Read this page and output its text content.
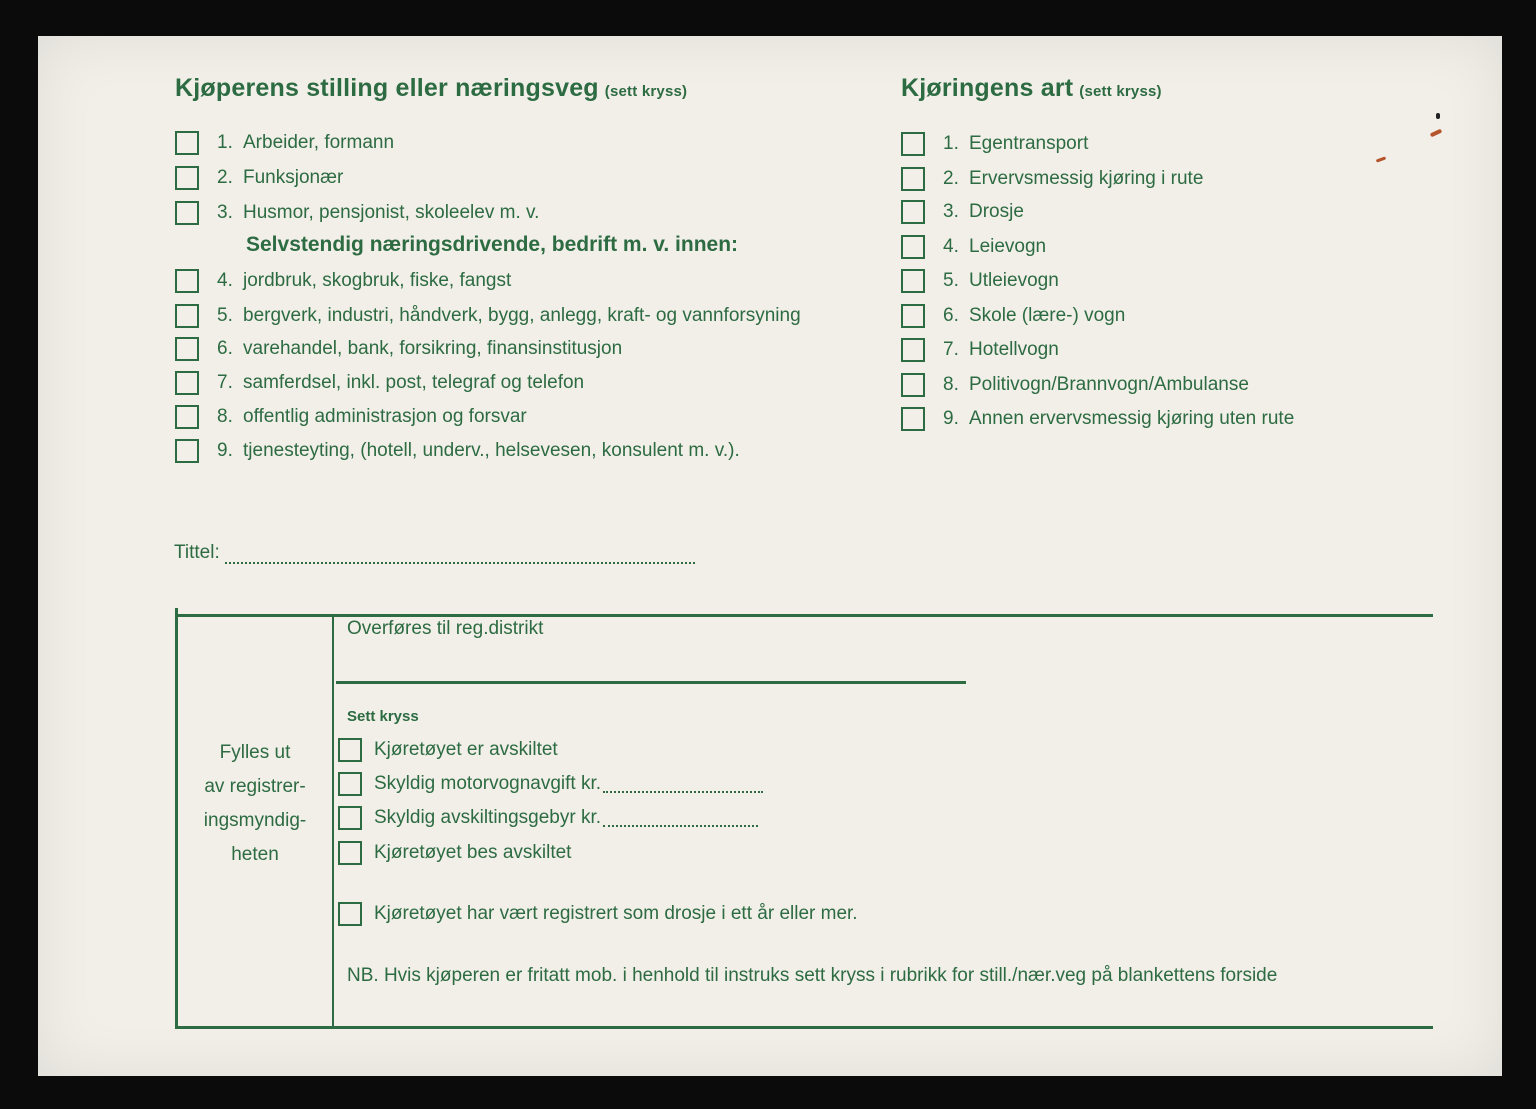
Kjøperens stilling eller næringsveg (sett kryss)
1. Arbeider, formann
2. Funksjonær
3. Husmor, pensjonist, skoleelev m. v.
Selvstendig næringsdrivende, bedrift m. v. innen:
4. jordbruk, skogbruk, fiske, fangst
5. bergverk, industri, håndverk, bygg, anlegg, kraft- og vannforsyning
6. varehandel, bank, forsikring, finansinstitusjon
7. samferdsel, inkl. post, telegraf og telefon
8. offentlig administrasjon og forsvar
9. tjenesteyting, (hotell, underv., helsevesen, konsulent m. v.).
Kjøringens art (sett kryss)
1. Egentransport
2. Ervervsmessig kjøring i rute
3. Drosje
4. Leievogn
5. Utleievogn
6. Skole (lære-) vogn
7. Hotellvogn
8. Politivogn/Brannvogn/Ambulanse
9. Annen ervervsmessig kjøring uten rute
Tittel:
Fylles ut
av registrer-
ingsmyndig-
heten
Overføres til reg.distrikt
Sett kryss
Kjøretøyet er avskiltet
Skyldig motorvognavgift kr.
Skyldig avskiltingsgebyr kr.
Kjøretøyet bes avskiltet
Kjøretøyet har vært registrert som drosje i ett år eller mer.
NB. Hvis kjøperen er fritatt mob. i henhold til instruks sett kryss i rubrikk for still./nær.veg på blankettens forside
